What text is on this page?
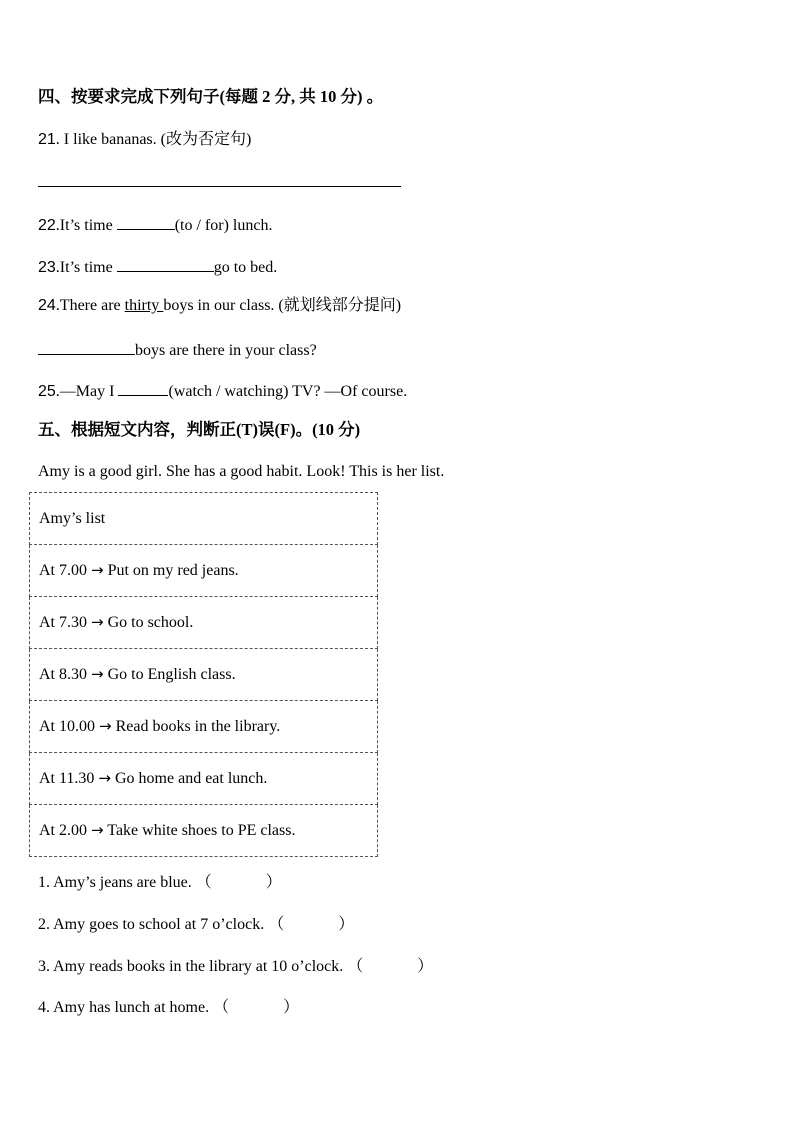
四、按要求完成下列句子(每题 2 分, 共 10 分) 。
21. I like bananas. (改为否定句)
22.It’s time	(to / for) lunch.
23.It’s time	go to bed.
24.There are thirty boys in our class. (就划线部分提问)
boys are there in your class?
25.—May I	(watch / watching) TV? —Of course.
五、根据短文内容，判断正(T)误(F)。(10 分)
Amy is a good girl. She has a good habit. Look! This is her list.
Amy’s list
At 7.00 → Put on my red jeans.
At 7.30 → Go to school.
At 8.30 → Go to English class.
At 10.00 → Read books in the library.
At 11.30 → Go home and eat lunch.
At 2.00 → Take white shoes to PE class.
1. Amy’s jeans are blue. （	）
2. Amy goes to school at 7 o’clock. （	）
3. Amy reads books in the library at 10 o’clock. （	）
4. Amy has lunch at home. （	）
